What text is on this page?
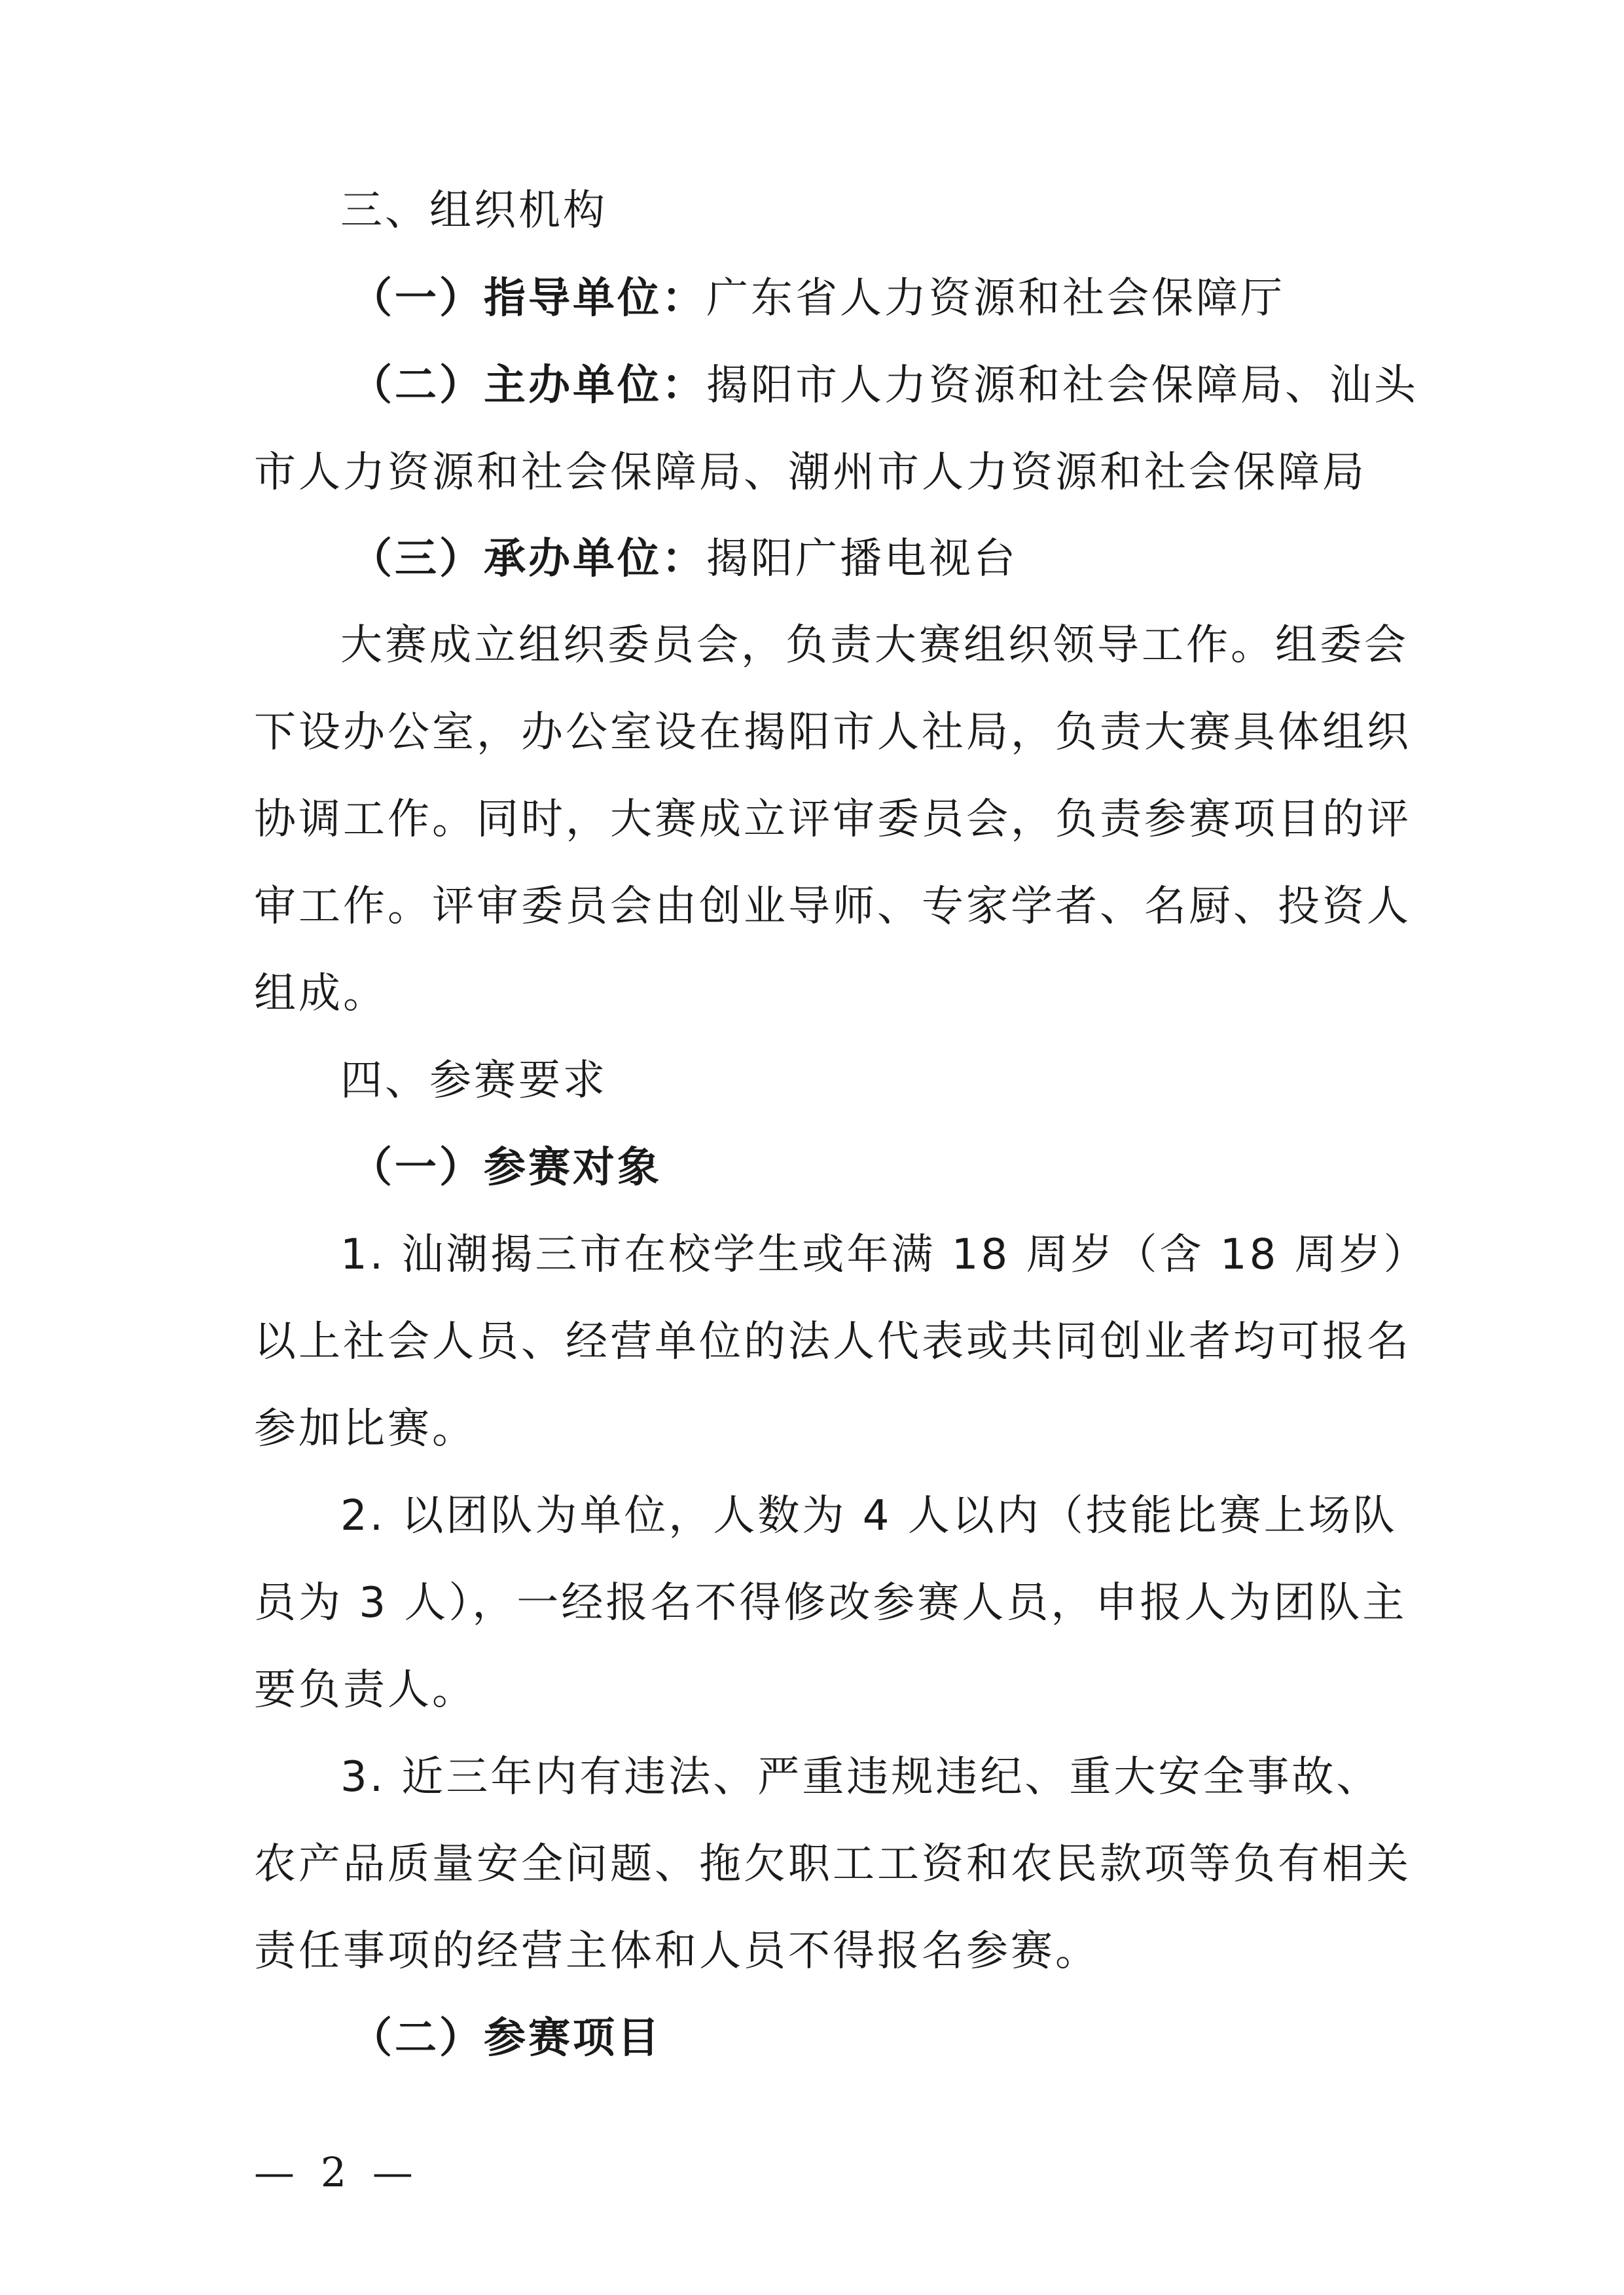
三、组织机构
（一）指导单位：广东省人力资源和社会保障厅
（二）主办单位：揭阳市人力资源和社会保障局、汕头
市人力资源和社会保障局、潮州市人力资源和社会保障局
（三）承办单位：揭阳广播电视台
大赛成立组织委员会，负责大赛组织领导工作。组委会
下设办公室，办公室设在揭阳市人社局，负责大赛具体组织
协调工作。同时，大赛成立评审委员会，负责参赛项目的评
审工作。评审委员会由创业导师、专家学者、名厨、投资人
组成。
四、参赛要求
（一）参赛对象
1. 汕潮揭三市在校学生或年满 18 周岁（含 18 周岁）
以上社会人员、经营单位的法人代表或共同创业者均可报名
参加比赛。
2. 以团队为单位，人数为 4 人以内（技能比赛上场队
员为 3 人），一经报名不得修改参赛人员，申报人为团队主
要负责人。
3. 近三年内有违法、严重违规违纪、重大安全事故、
农产品质量安全问题、拖欠职工工资和农民款项等负有相关
责任事项的经营主体和人员不得报名参赛。
（二）参赛项目
— 2 —
